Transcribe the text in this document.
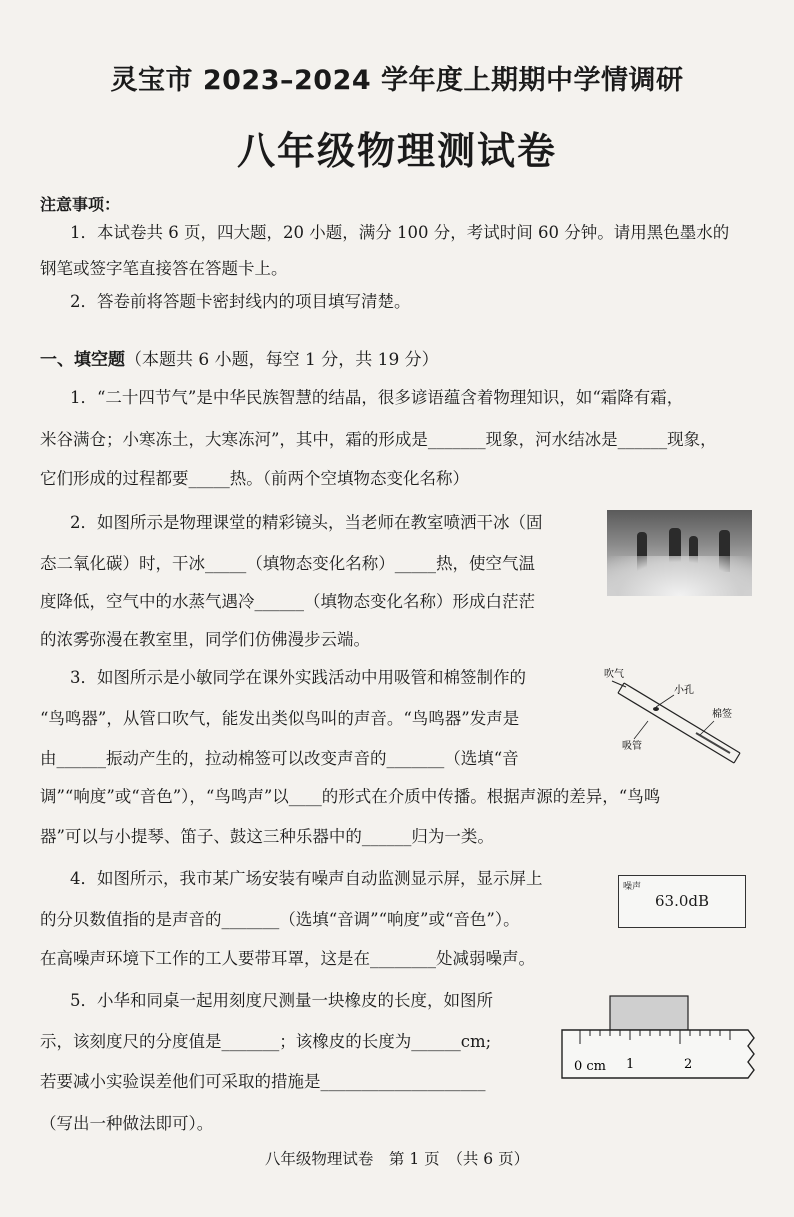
灵宝市 2023–2024 学年度上期期中学情调研
八年级物理测试卷
注意事项：
1．本试卷共 6 页，四大题，20 小题，满分 100 分，考试时间 60 分钟。请用黑色墨水的
钢笔或签字笔直接答在答题卡上。
2．答卷前将答题卡密封线内的项目填写清楚。
一、填空题（本题共 6 小题，每空 1 分，共 19 分）
1．“二十四节气”是中华民族智慧的结晶，很多谚语蕴含着物理知识，如“霜降有霜，
米谷满仓；小寒冻土，大寒冻河”，其中，霜的形成是_______现象，河水结冰是______现象，
它们形成的过程都要_____热。（前两个空填物态变化名称）
2．如图所示是物理课堂的精彩镜头，当老师在教室喷洒干冰（固
态二氧化碳）时，干冰_____（填物态变化名称）_____热，使空气温
度降低，空气中的水蒸气遇冷______（填物态变化名称）形成白茫茫
的浓雾弥漫在教室里，同学们仿佛漫步云端。
3．如图所示是小敏同学在课外实践活动中用吸管和棉签制作的
“鸟鸣器”，从管口吹气，能发出类似鸟叫的声音。“鸟鸣器”发声是
由______振动产生的，拉动棉签可以改变声音的_______（选填“音
调”“响度”或“音色”），“鸟鸣声”以____的形式在介质中传播。根据声源的差异，“鸟鸣
器”可以与小提琴、笛子、鼓这三种乐器中的______归为一类。
吹气
小孔
棉签
吸管
4．如图所示，我市某广场安装有噪声自动监测显示屏，显示屏上
的分贝数值指的是声音的_______（选填“音调”“响度”或“音色”）。
在高噪声环境下工作的工人要带耳罩，这是在________处减弱噪声。
噪声
63.0dB
5．小华和同桌一起用刻度尺测量一块橡皮的长度，如图所
示，该刻度尺的分度值是_______；该橡皮的长度为______cm;
若要减小实验误差他们可采取的措施是____________________
（写出一种做法即可）。
0 cm 1	2
八年级物理试卷　第 1 页　（共 6 页）
